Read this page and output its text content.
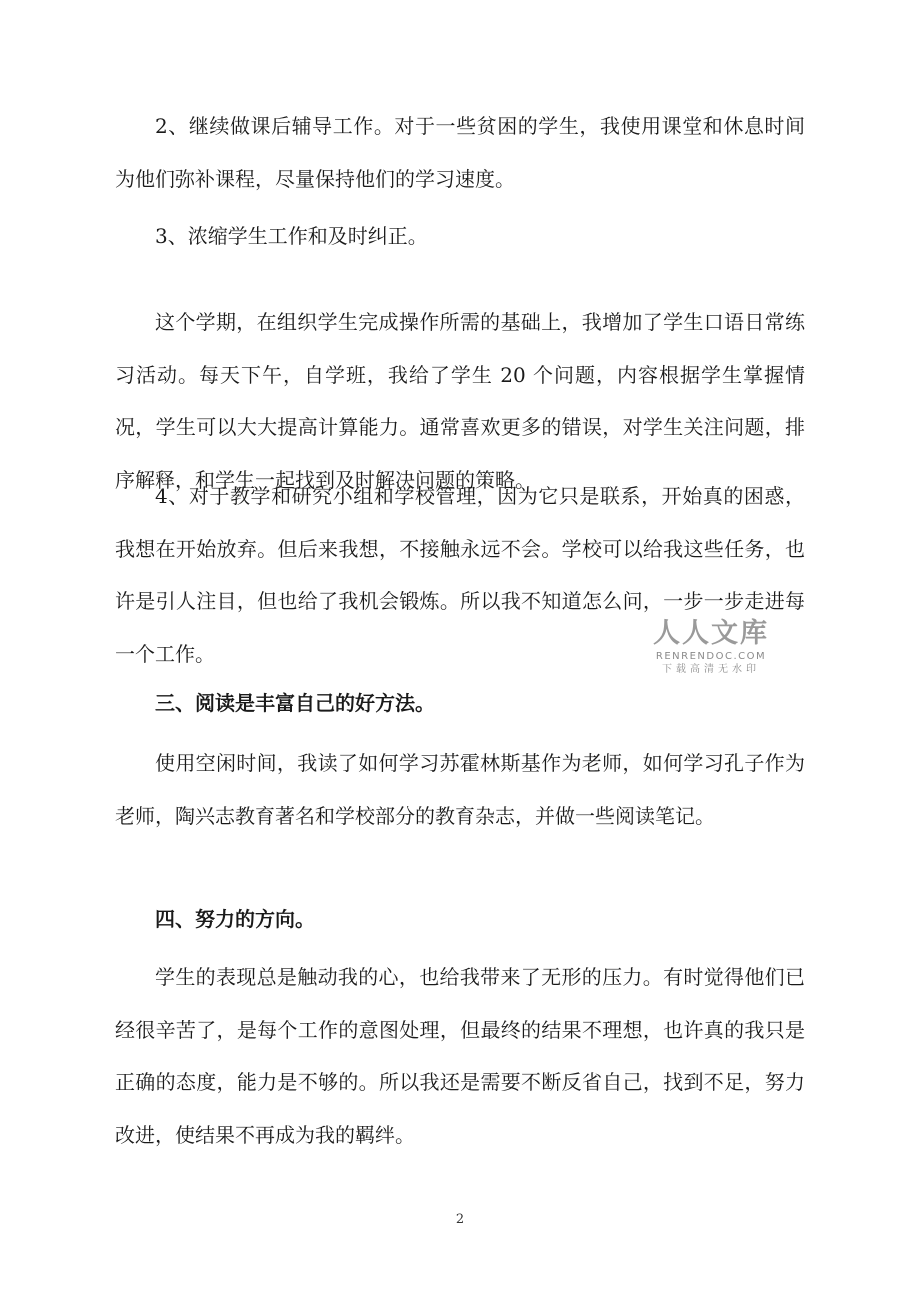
2、继续做课后辅导工作。对于一些贫困的学生，我使用课堂和休息时间为他们弥补课程，尽量保持他们的学习速度。

3、浓缩学生工作和及时纠正。

这个学期，在组织学生完成操作所需的基础上，我增加了学生口语日常练习活动。每天下午，自学班，我给了学生 20 个问题，内容根据学生掌握情况，学生可以大大提高计算能力。通常喜欢更多的错误，对学生关注问题，排序解释，和学生一起找到及时解决问题的策略。

4、对于教学和研究小组和学校管理，因为它只是联系，开始真的困惑，我想在开始放弃。但后来我想，不接触永远不会。学校可以给我这些任务，也许是引人注目，但也给了我机会锻炼。所以我不知道怎么问，一步一步走进每一个工作。

三、阅读是丰富自己的好方法。

使用空闲时间，我读了如何学习苏霍林斯基作为老师，如何学习孔子作为老师，陶兴志教育著名和学校部分的教育杂志，并做一些阅读笔记。

四、努力的方向。

学生的表现总是触动我的心，也给我带来了无形的压力。有时觉得他们已经很辛苦了，是每个工作的意图处理，但最终的结果不理想，也许真的我只是正确的态度，能力是不够的。所以我还是需要不断反省自己，找到不足，努力改进，使结果不再成为我的羁绊。

人人文库
RENRENDOC.COM
下载高清无水印
2
